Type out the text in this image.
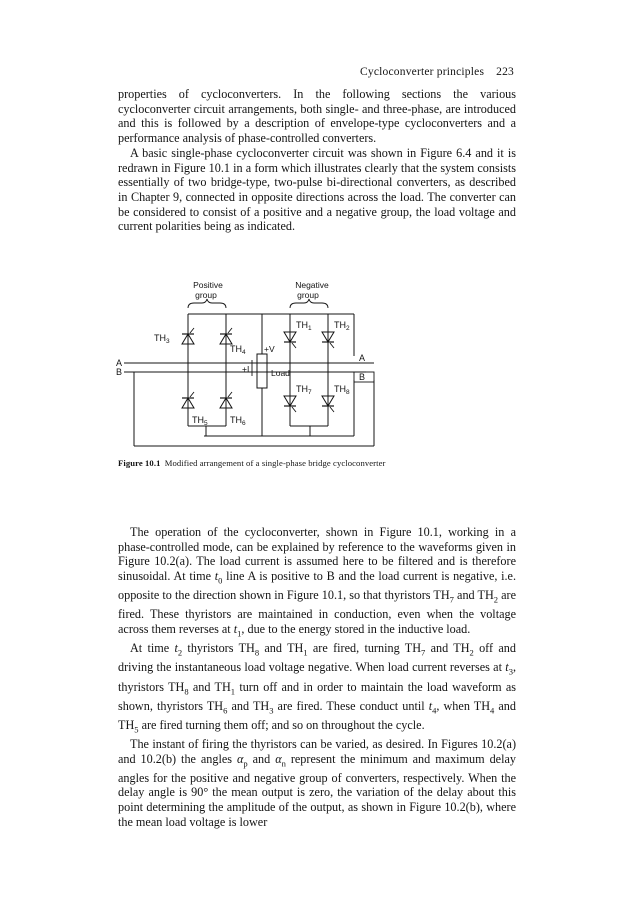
Cycloconverter principles 223

properties of cycloconverters. In the following sections the various cycloconverter circuit arrangements, both single- and three-phase, are introduced and this is followed by a description of envelope-type cycloconverters and a performance analysis of phase-controlled converters.

A basic single-phase cycloconverter circuit was shown in Figure 6.4 and it is redrawn in Figure 10.1 in a form which illustrates clearly that the system consists essentially of two bridge-type, two-pulse bi-directional converters, as described in Chapter 9, connected in opposite directions across the load. The converter can be considered to consist of a positive and a negative group, the load voltage and current polarities being as indicated.

Positive
group
Negative
group
Load
+V
+I
A
B
A
B
$TH_3$
$TH_4$
$TH_5$ $TH_6$
$TH_1$ $TH_2$
$TH_7$ $TH_8$
Figure 10.1 Modified arrangement of a single-phase bridge cycloconverter

The operation of the cycloconverter, shown in Figure 10.1, working in a phase-controlled mode, can be explained by reference to the waveforms given in Figure 10.2(a). The load current is assumed here to be filtered and is therefore sinusoidal. At time $t_0$ line A is positive to B and the load current is negative, i.e. opposite to the direction shown in Figure 10.1, so that thyristors $TH_7$ and $TH_2$ are fired. These thyristors are maintained in conduction, even when the voltage across them reverses at $t_1$, due to the energy stored in the inductive load.

At time $t_2$ thyristors $TH_8$ and $TH_1$ are fired, turning $TH_7$ and $TH_2$ off and driving the instantaneous load voltage negative. When load current reverses at $t_3$, thyristors $TH_8$ and $TH_1$ turn off and in order to maintain the load waveform as shown, thyristors $TH_6$ and $TH_3$ are fired. These conduct until $t_4$, when $TH_4$ and $TH_5$ are fired turning them off; and so on throughout the cycle.

The instant of firing the thyristors can be varied, as desired. In Figures 10.2(a) and 10.2(b) the angles $\alpha_p$ and $\alpha_n$ represent the minimum and maximum delay angles for the positive and negative group of converters, respectively. When the delay angle is 90° the mean output is zero, the variation of the delay about this point determining the amplitude of the output, as shown in Figure 10.2(b), where the mean load voltage is lower
